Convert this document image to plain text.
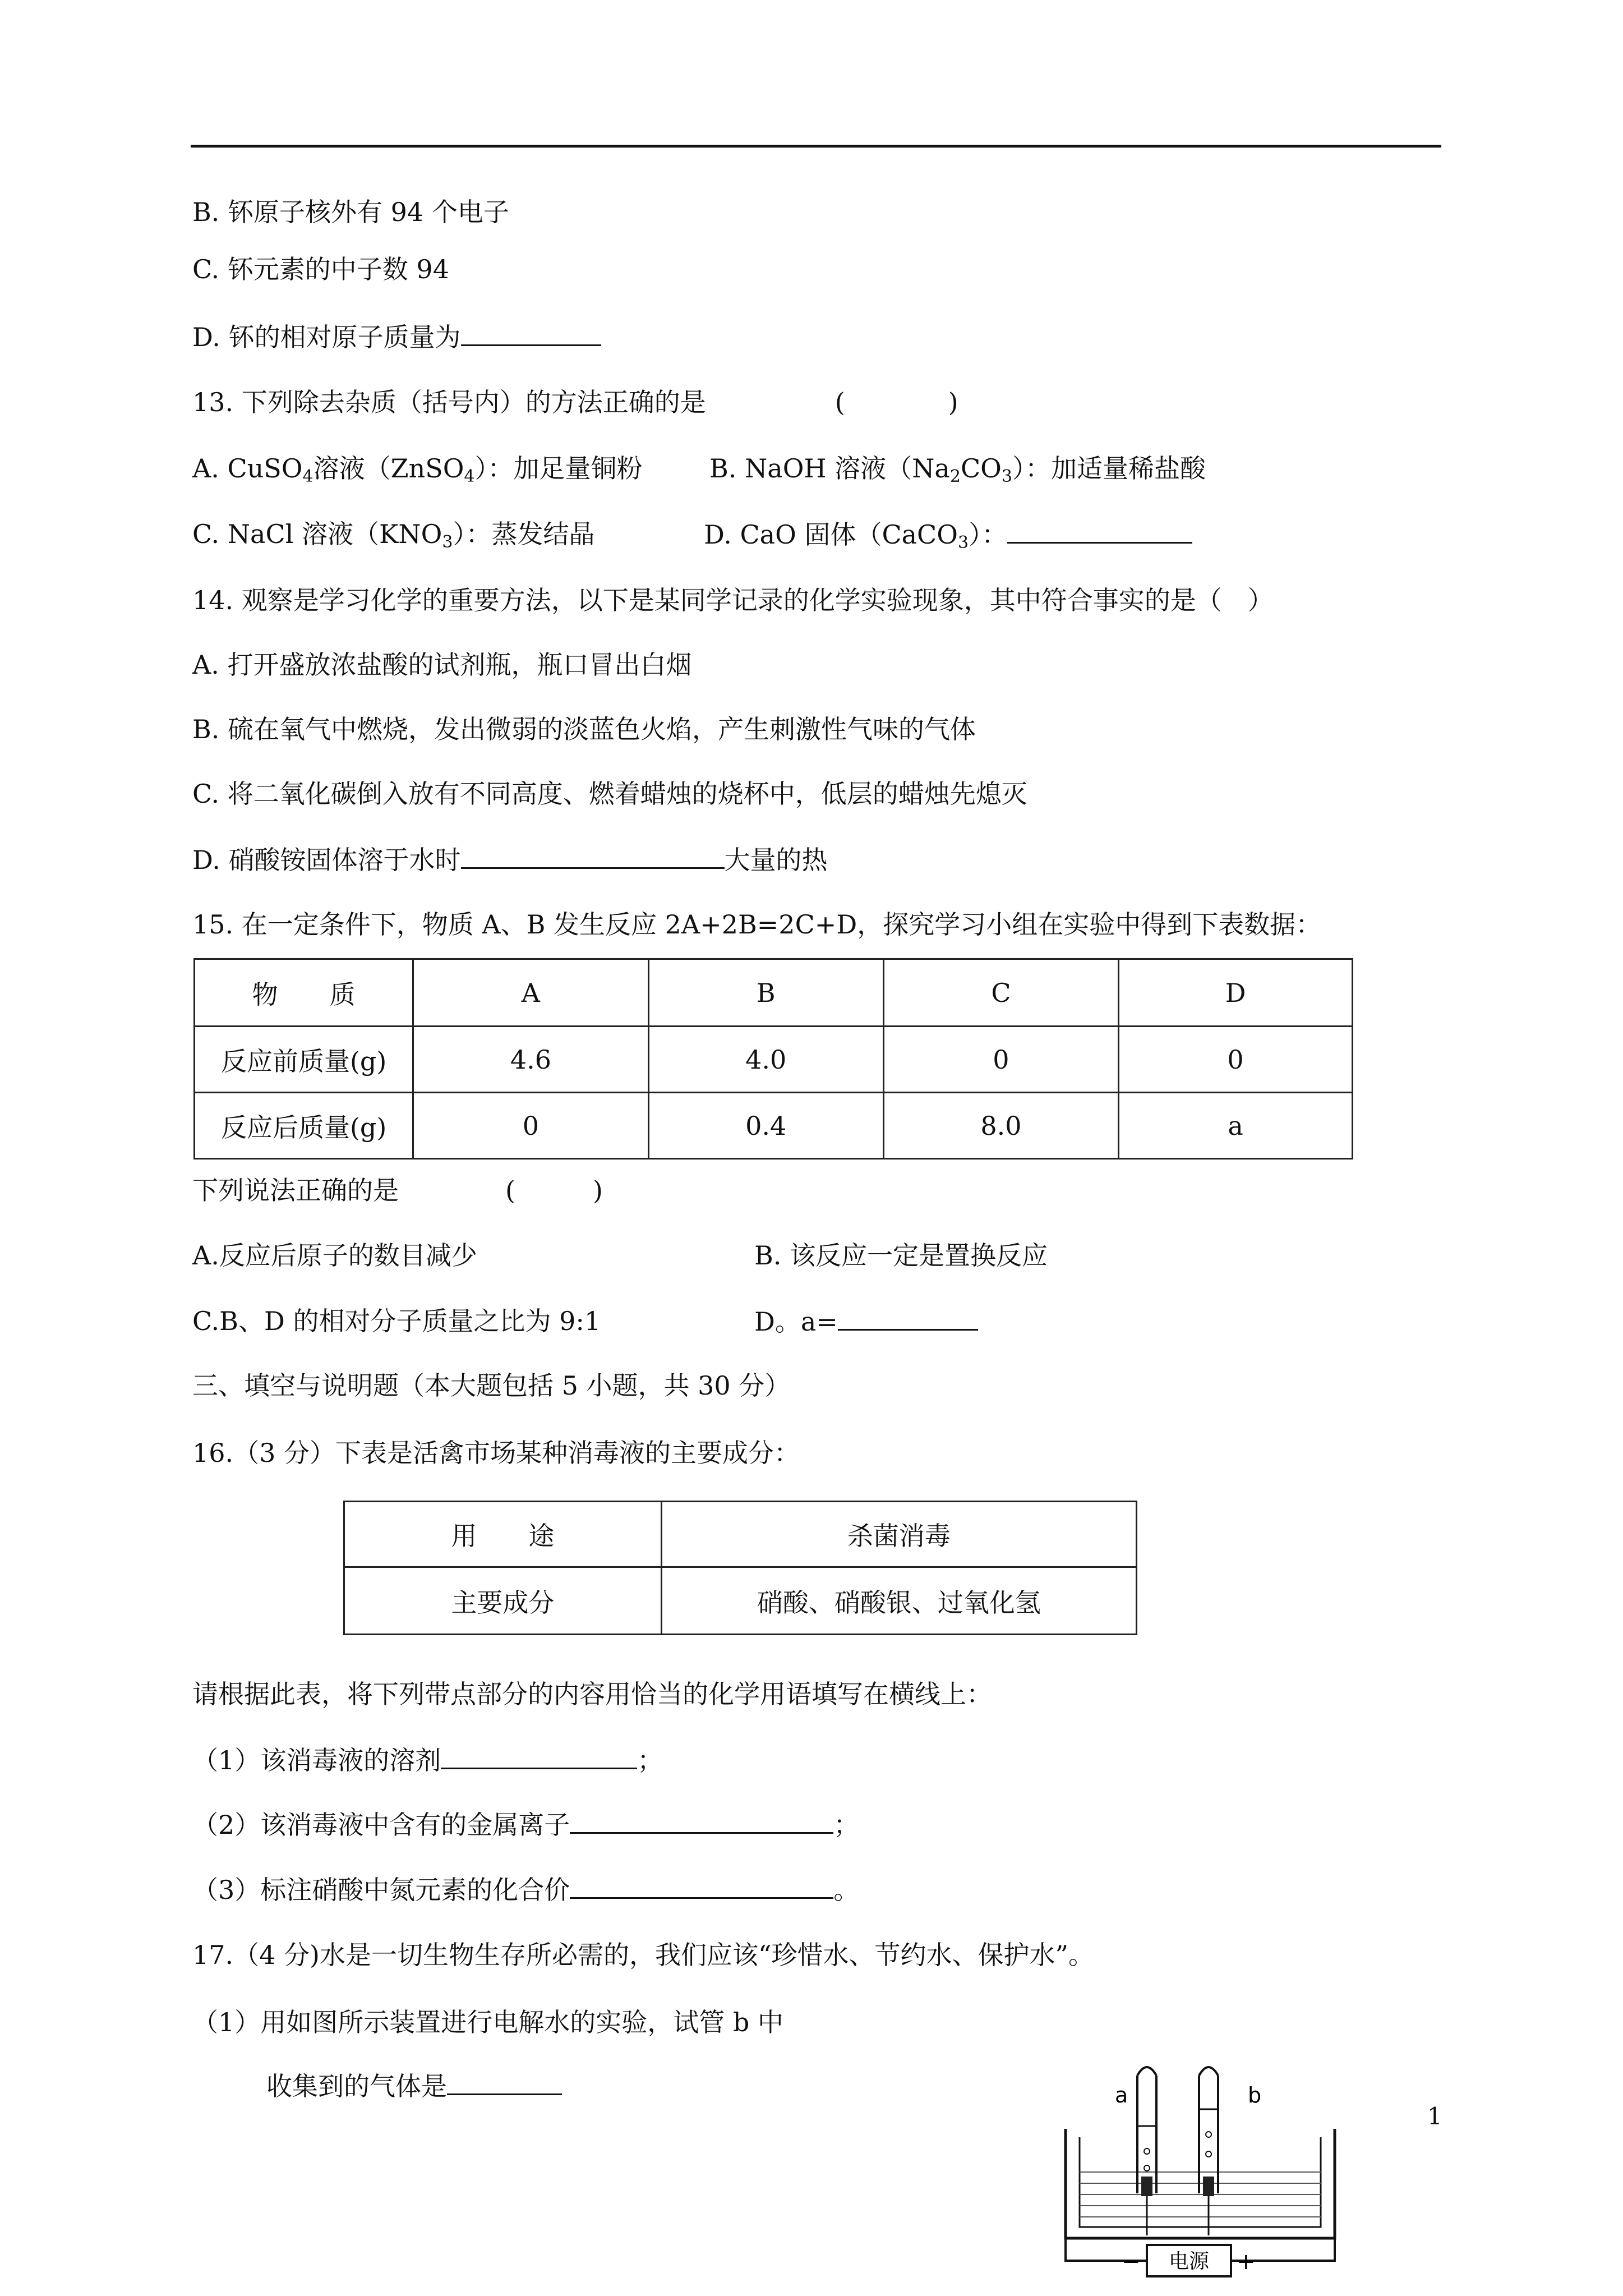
B. 钚原子核外有 94 个电子
C. 钚元素的中子数 94
D. 钚的相对原子质量为
13. 下列除去杂质（括号内）的方法正确的是	(　　　　)
A. CuSO$_4$溶液（ZnSO$_4$）：加足量铜粉	B. NaOH 溶液$(Na_2CO_3)$：加适量稀盐酸
C. NaCl 溶液$(KNO_3)$：蒸发结晶	D. CaO 固体（CaCO$_3$）：
14. 观察是学习化学的重要方法，以下是某同学记录的化学实验现象，其中符合事实的是（　）
A. 打开盛放浓盐酸的试剂瓶，瓶口冒出白烟
B. 硫在氧气中燃烧，发出微弱的淡蓝色火焰，产生刺激性气味的气体
C. 将二氧化碳倒入放有不同高度、燃着蜡烛的烧杯中，低层的蜡烛先熄灭
D. 硝酸铵固体溶于水时	大量的热
15. 在一定条件下，物质 A、B 发生反应 2A+2B=2C+D，探究学习小组在实验中得到下表数据：
物　　质	A	B	C	D
反应前质量(g)	4.6	4.0	0	0
反应后质量(g)	0	0.4	8.0	a
下列说法正确的是	(　　　)
A.反应后原子的数目减少	B. 该反应一定是置换反应
C.B、D 的相对分子质量之比为 9:1	D。a=
三、填空与说明题（本大题包括 5 小题，共 30 分）
16.（3 分）下表是活禽市场某种消毒液的主要成分：
用　　途	杀菌消毒
主要成分	硝酸、硝酸银、过氧化氢
请根据此表，将下列带点部分的内容用恰当的化学用语填写在横线上：
（1）该消毒液的溶剂	；
（2）该消毒液中含有的金属离子	；
（3）标注硝酸中氮元素的化合价	。
17.（4 分)水是一切生物生存所必需的，我们应该“珍惜水、节约水、保护水”。
（1）用如图所示装置进行电解水的实验，试管 b 中
收集到的气体是	a	b
电源
−	+
1
